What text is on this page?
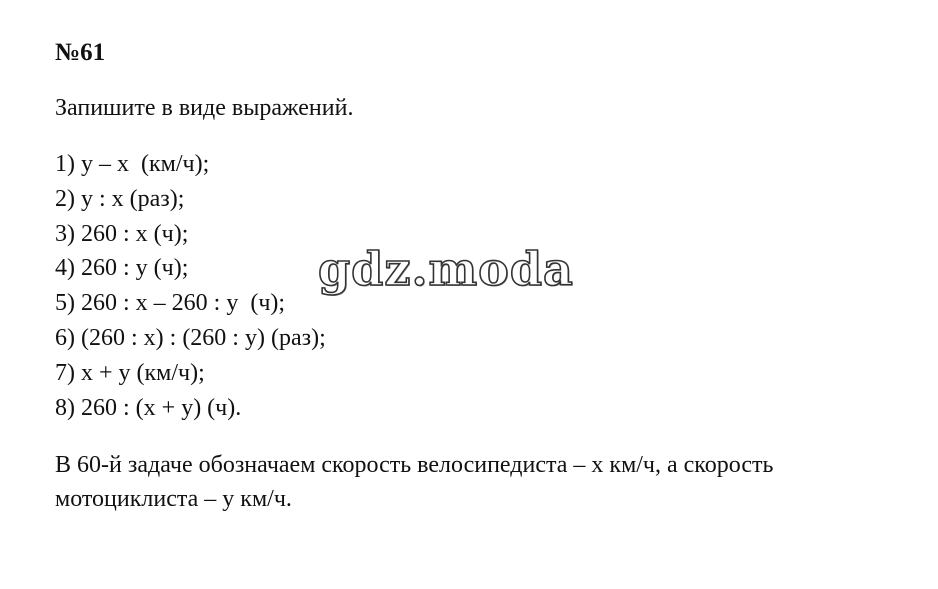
№61
Запишите в виде выражений.
1) y – x  (км/ч);
2) y : x (раз);
3) 260 : x (ч);
4) 260 : y (ч);
5) 260 : x – 260 : y  (ч);
6) (260 : x) : (260 : y) (раз);
7) x + y (км/ч);
8) 260 : (x + y) (ч).
В 60-й задаче обозначаем скорость велосипедиста – x км/ч, а скорость мотоциклиста – y км/ч.
gdz.moda
